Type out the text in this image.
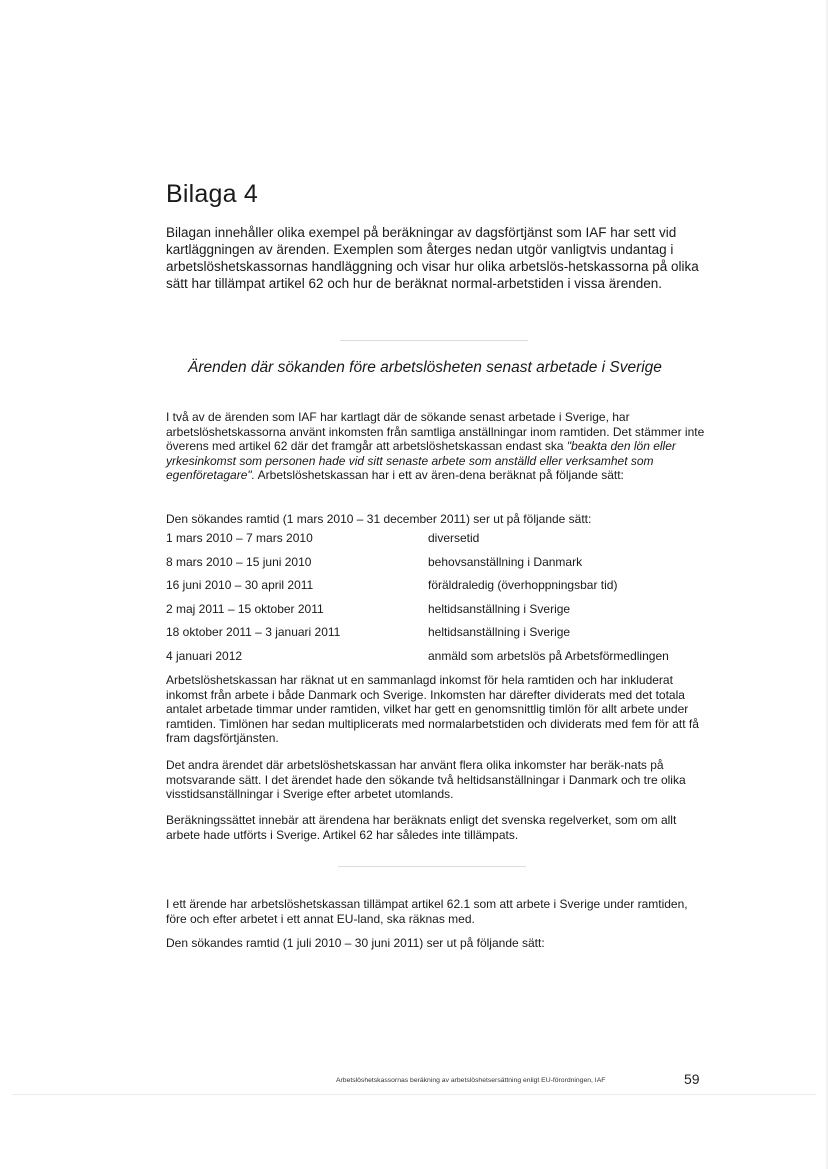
Bilaga 4

Bilagan innehåller olika exempel på beräkningar av dagsförtjänst som IAF har sett vid kartläggningen av ärenden. Exemplen som återges nedan utgör vanligtvis undantag i arbetslöshetskassornas handläggning och visar hur olika arbetslös-hetskassorna på olika sätt har tillämpat artikel 62 och hur de beräknat normal-arbetstiden i vissa ärenden.

Ärenden där sökanden före arbetslösheten senast arbetade i Sverige

I två av de ärenden som IAF har kartlagt där de sökande senast arbetade i Sverige, har arbetslöshetskassorna använt inkomsten från samtliga anställningar inom ramtiden. Det stämmer inte överens med artikel 62 där det framgår att arbetslöshetskassan endast ska "beakta den lön eller yrkesinkomst som personen hade vid sitt senaste arbete som anställd eller verksamhet som egenföretagare". Arbetslöshetskassan har i ett av ären-dena beräknat på följande sätt:

Den sökandes ramtid (1 mars 2010 – 31 december 2011) ser ut på följande sätt:

1 mars 2010 – 7 mars 2010	diversetid
8 mars 2010 – 15 juni 2010	behovsanställning i Danmark
16 juni 2010 – 30 april 2011	föräldraledig (överhoppningsbar tid)
2 maj 2011 – 15 oktober 2011	heltidsanställning i Sverige
18 oktober 2011 – 3 januari 2011	heltidsanställning i Sverige
4 januari 2012	anmäld som arbetslös på Arbetsförmedlingen

Arbetslöshetskassan har räknat ut en sammanlagd inkomst för hela ramtiden och har inkluderat inkomst från arbete i både Danmark och Sverige. Inkomsten har därefter dividerats med det totala antalet arbetade timmar under ramtiden, vilket har gett en genomsnittlig timlön för allt arbete under ramtiden. Timlönen har sedan multiplicerats med normalarbetstiden och dividerats med fem för att få fram dagsförtjänsten.

Det andra ärendet där arbetslöshetskassan har använt flera olika inkomster har beräk-nats på motsvarande sätt. I det ärendet hade den sökande två heltidsanställningar i Danmark och tre olika visstidsanställningar i Sverige efter arbetet utomlands.

Beräkningssättet innebär att ärendena har beräknats enligt det svenska regelverket, som om allt arbete hade utförts i Sverige. Artikel 62 har således inte tillämpats.

I ett ärende har arbetslöshetskassan tillämpat artikel 62.1 som att arbete i Sverige under ramtiden, före och efter arbetet i ett annat EU-land, ska räknas med.

Den sökandes ramtid (1 juli 2010 – 30 juni 2011) ser ut på följande sätt:

Arbetslöshetskassornas beräkning av arbetslöshetsersättning enligt EU-förordningen, IAF	59
